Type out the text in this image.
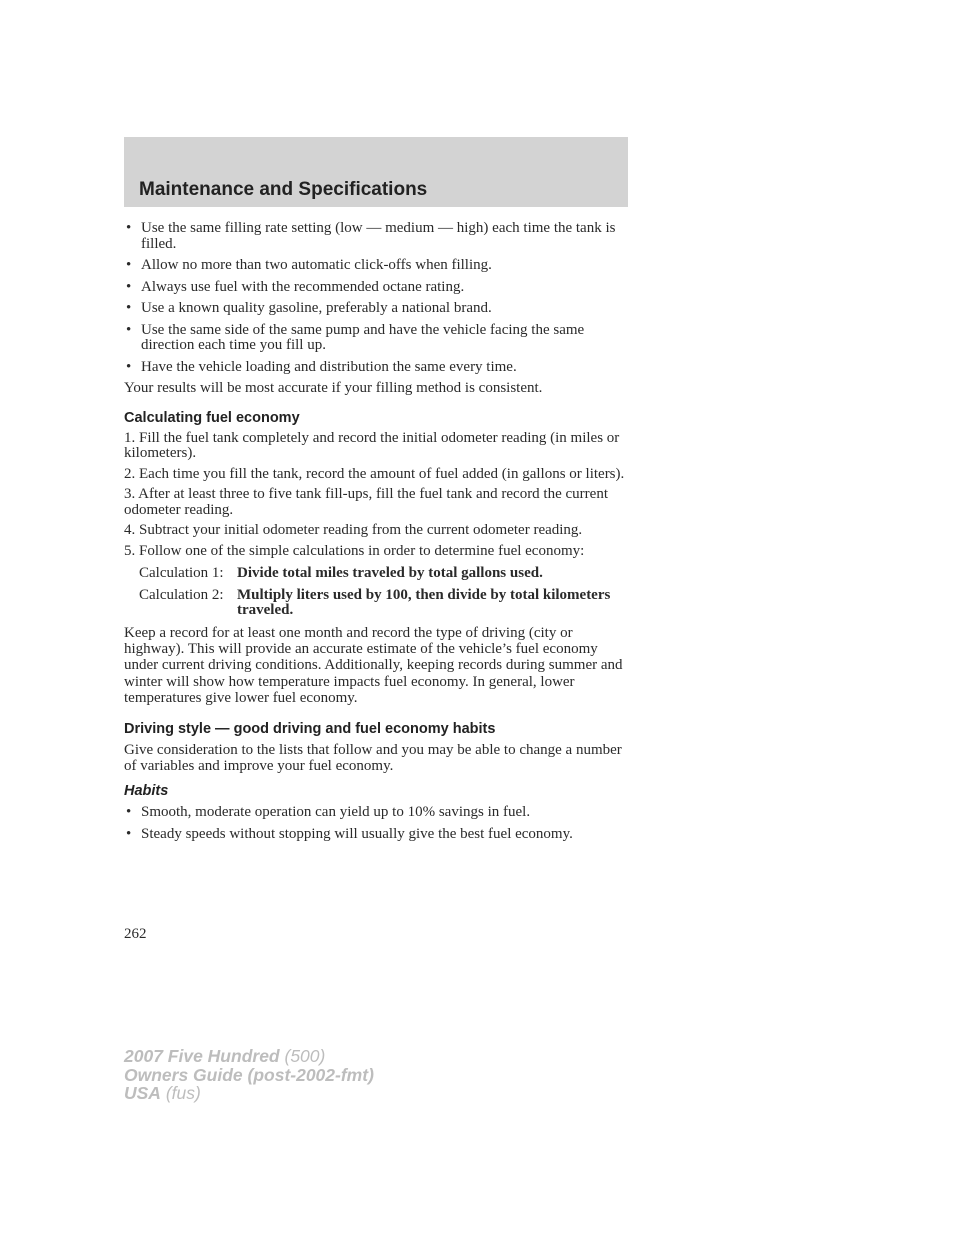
Maintenance and Specifications
• Use the same filling rate setting (low — medium — high) each time the tank is filled.
• Allow no more than two automatic click-offs when filling.
• Always use fuel with the recommended octane rating.
• Use a known quality gasoline, preferably a national brand.
• Use the same side of the same pump and have the vehicle facing the same direction each time you fill up.
• Have the vehicle loading and distribution the same every time.

Your results will be most accurate if your filling method is consistent.

Calculating fuel economy

1. Fill the fuel tank completely and record the initial odometer reading (in miles or kilometers).

2. Each time you fill the tank, record the amount of fuel added (in gallons or liters).

3. After at least three to five tank fill-ups, fill the fuel tank and record the current odometer reading.

4. Subtract your initial odometer reading from the current odometer reading.

5. Follow one of the simple calculations in order to determine fuel economy:

Calculation 1: Divide total miles traveled by total gallons used.
Calculation 2: Multiply liters used by 100, then divide by total kilometers traveled.

Keep a record for at least one month and record the type of driving (city or highway). This will provide an accurate estimate of the vehicle’s fuel economy under current driving conditions. Additionally, keeping records during summer and winter will show how temperature impacts fuel economy. In general, lower temperatures give lower fuel economy.

Driving style — good driving and fuel economy habits

Give consideration to the lists that follow and you may be able to change a number of variables and improve your fuel economy.

Habits
• Smooth, moderate operation can yield up to 10% savings in fuel.
• Steady speeds without stopping will usually give the best fuel economy.
262
2007 Five Hundred (500)
Owners Guide (post-2002-fmt)
USA (fus)
